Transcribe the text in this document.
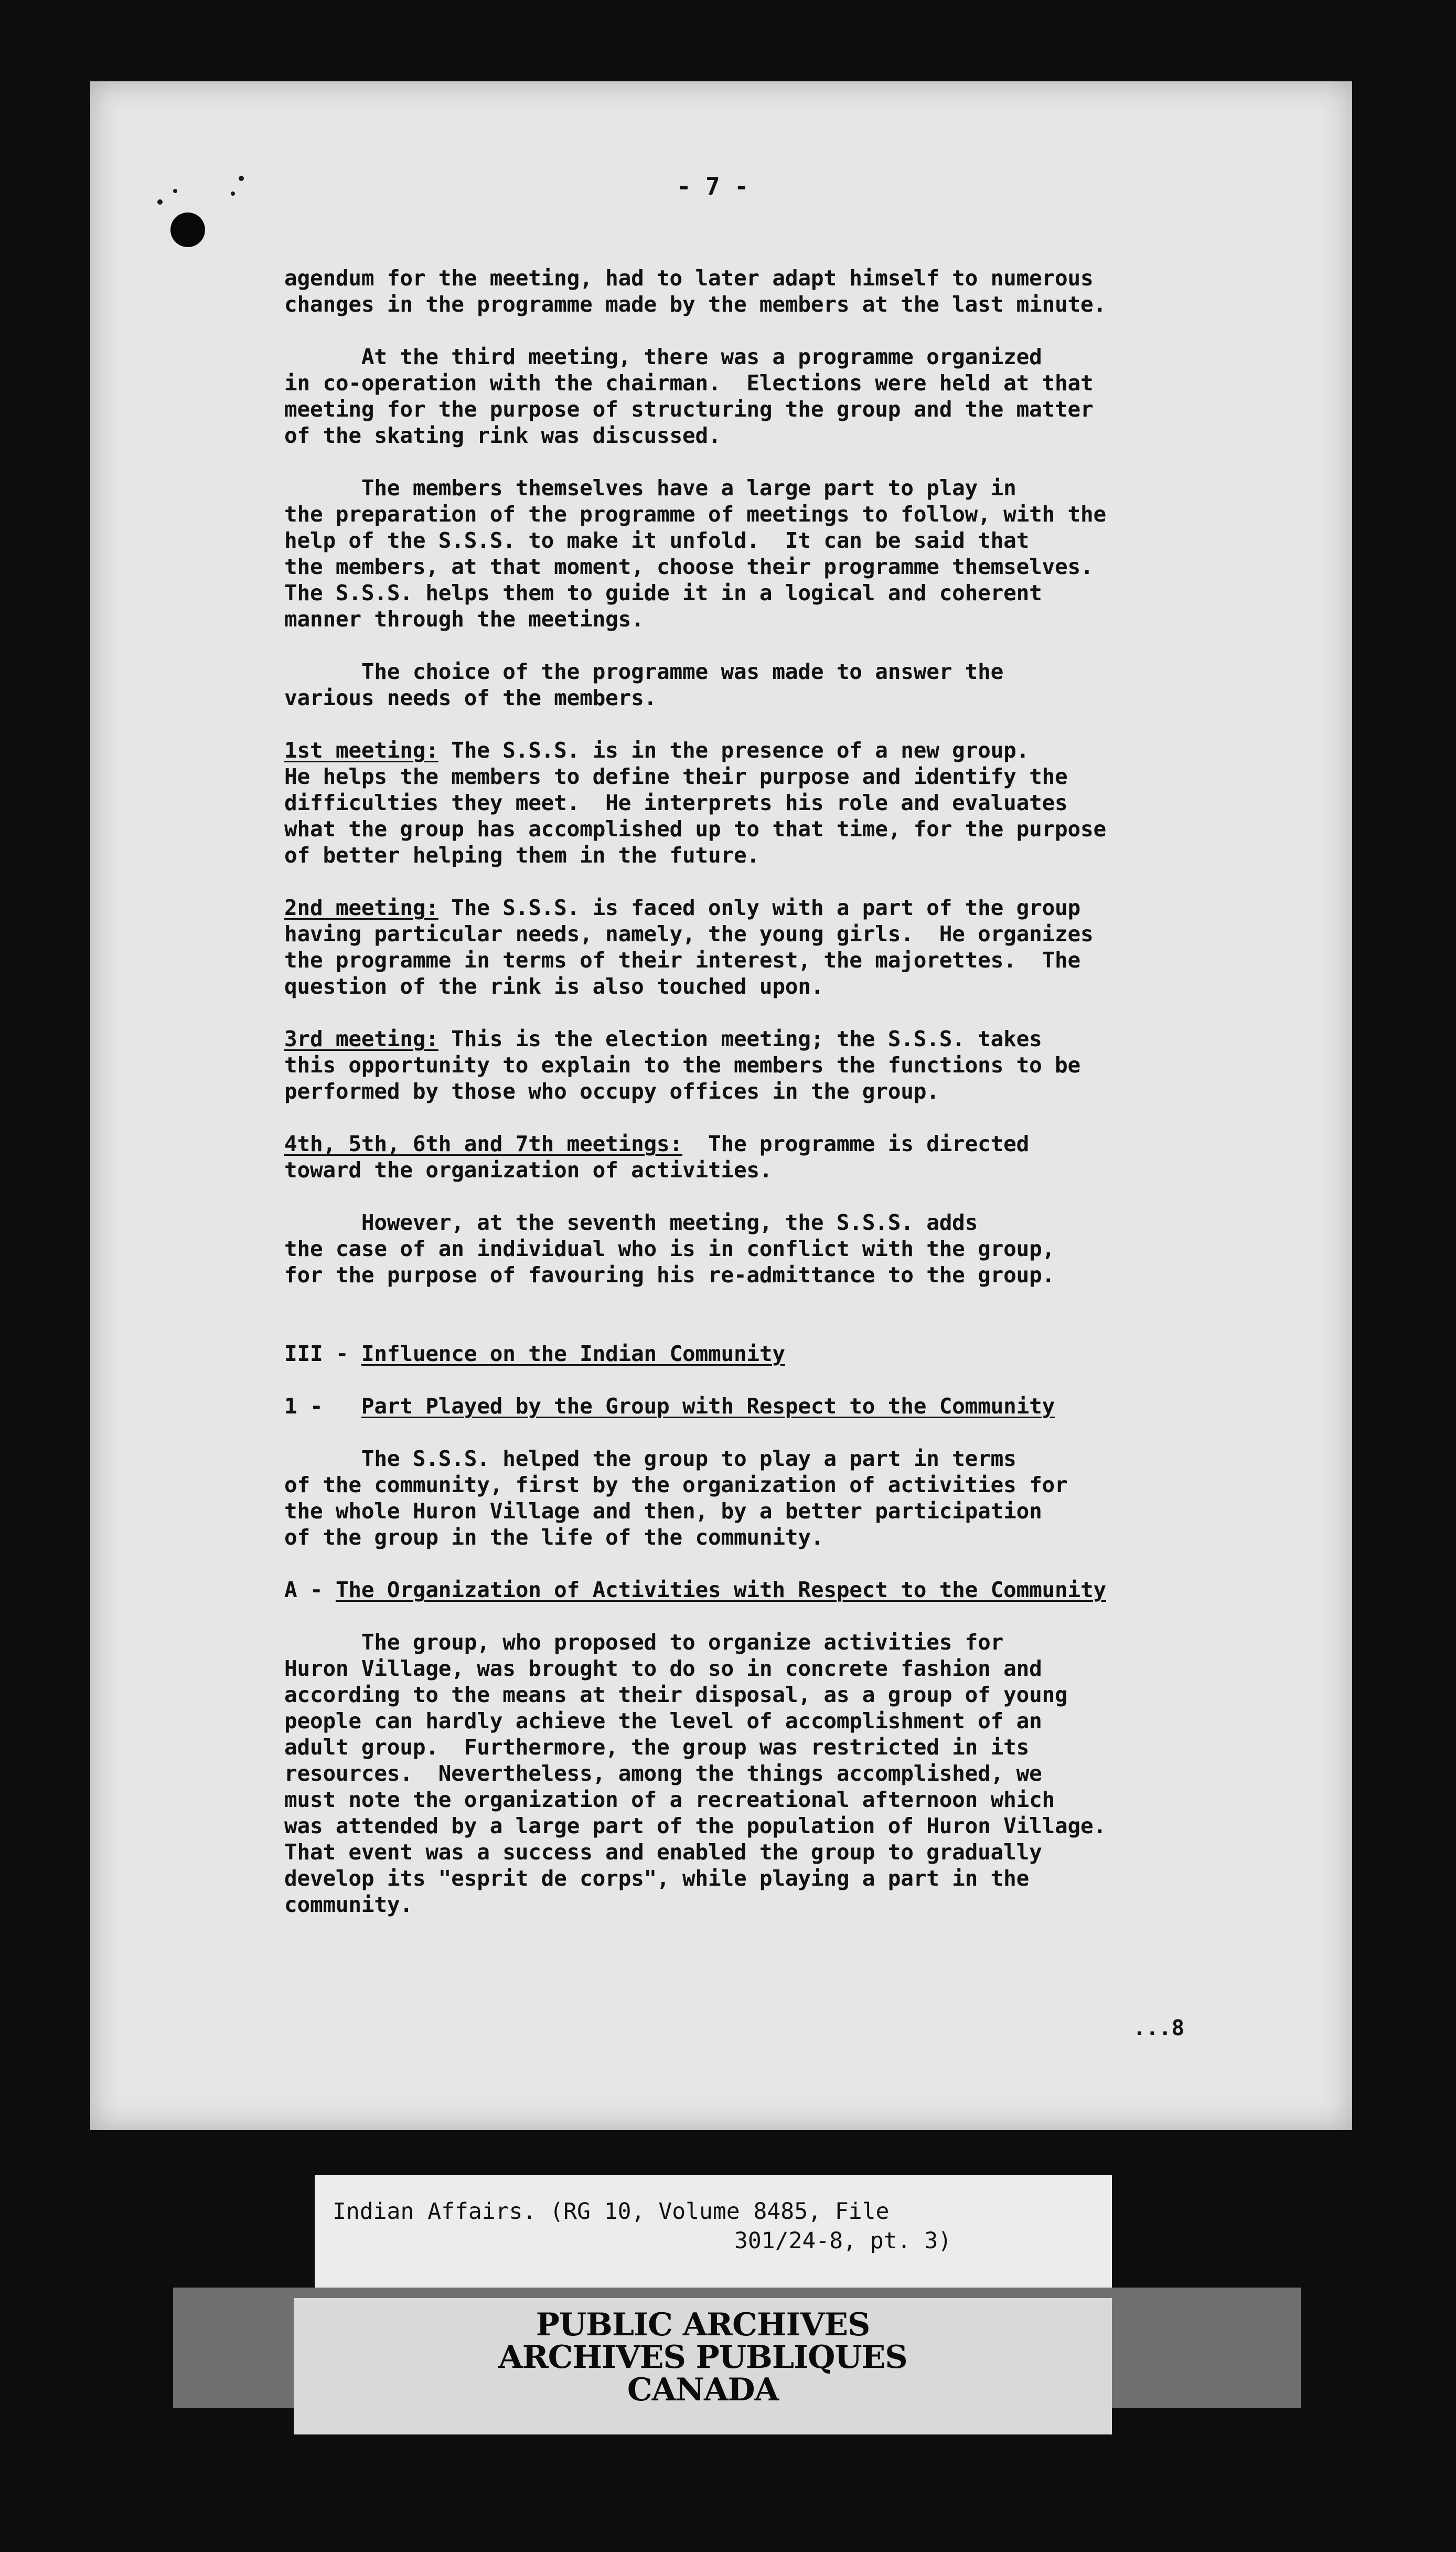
- 7 -
agendum for the meeting, had to later adapt himself to numerous
changes in the programme made by the members at the last minute.
At the third meeting, there was a programme organized
in co-operation with the chairman.  Elections were held at that
meeting for the purpose of structuring the group and the matter
of the skating rink was discussed.
The members themselves have a large part to play in
the preparation of the programme of meetings to follow, with the
help of the S.S.S. to make it unfold.  It can be said that
the members, at that moment, choose their programme themselves.
The S.S.S. helps them to guide it in a logical and coherent
manner through the meetings.
The choice of the programme was made to answer the
various needs of the members.
1st meeting: The S.S.S. is in the presence of a new group.
He helps the members to define their purpose and identify the
difficulties they meet.  He interprets his role and evaluates
what the group has accomplished up to that time, for the purpose
of better helping them in the future.
2nd meeting: The S.S.S. is faced only with a part of the group
having particular needs, namely, the young girls.  He organizes
the programme in terms of their interest, the majorettes.  The
question of the rink is also touched upon.
3rd meeting: This is the election meeting; the S.S.S. takes
this opportunity to explain to the members the functions to be
performed by those who occupy offices in the group.
4th, 5th, 6th and 7th meetings:  The programme is directed
toward the organization of activities.
However, at the seventh meeting, the S.S.S. adds
the case of an individual who is in conflict with the group,
for the purpose of favouring his re-admittance to the group.
III - Influence on the Indian Community
1 -   Part Played by the Group with Respect to the Community
The S.S.S. helped the group to play a part in terms
of the community, first by the organization of activities for
the whole Huron Village and then, by a better participation
of the group in the life of the community.
A - The Organization of Activities with Respect to the Community
The group, who proposed to organize activities for
Huron Village, was brought to do so in concrete fashion and
according to the means at their disposal, as a group of young
people can hardly achieve the level of accomplishment of an
adult group.  Furthermore, the group was restricted in its
resources.  Nevertheless, among the things accomplished, we
must note the organization of a recreational afternoon which
was attended by a large part of the population of Huron Village.
That event was a success and enabled the group to gradually
develop its "esprit de corps", while playing a part in the
community.
...8

Indian Affairs. (RG 10, Volume 8485, File

301/24-8, pt. 3)

PUBLIC ARCHIVES
ARCHIVES PUBLIQUES
CANADA
